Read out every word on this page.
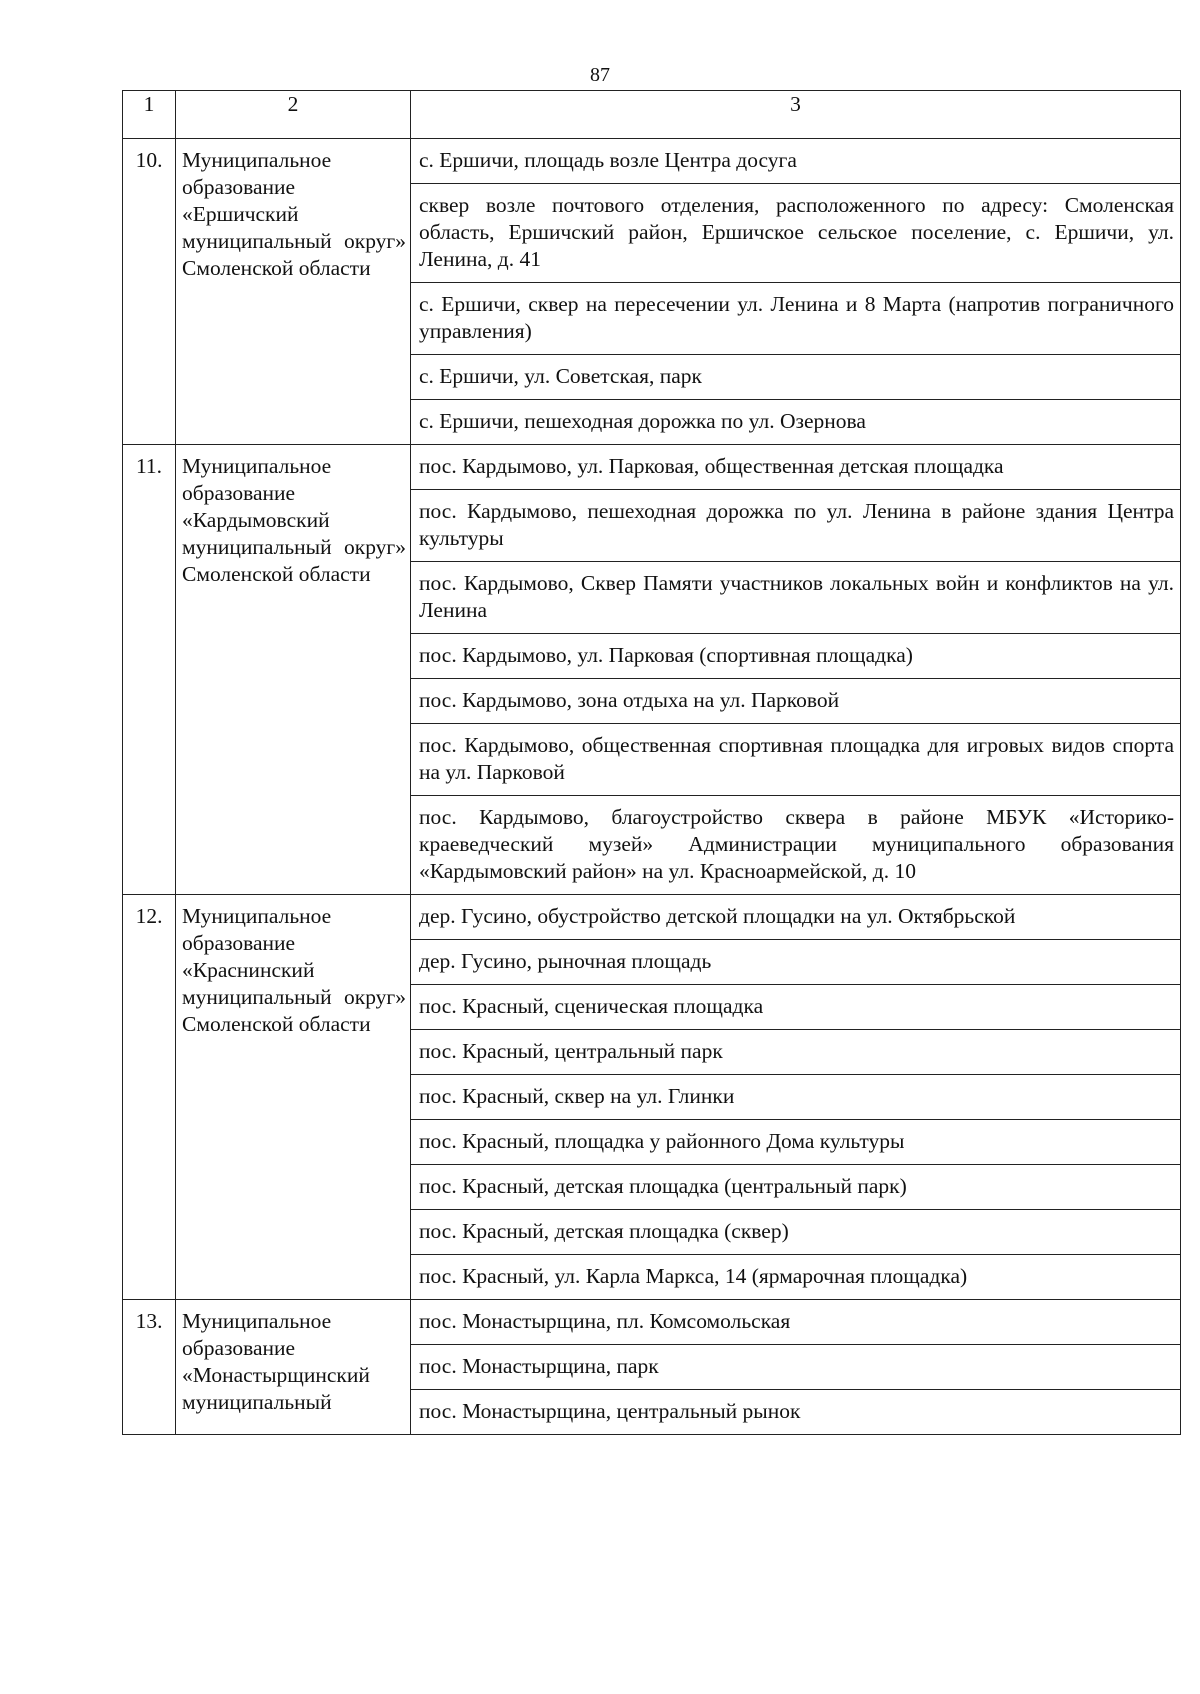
87
1	2	3
10.	Муниципальное образование «Ершичский муниципальный округ» Смоленской области	с. Ершичи, площадь возле Центра досуга
		сквер возле почтового отделения, расположенного по адресу: Смоленская область, Ершичский район, Ершичское сельское поселение, с. Ершичи, ул. Ленина, д. 41
		с. Ершичи, сквер на пересечении ул. Ленина и 8 Марта (напротив пограничного управления)
		с. Ершичи, ул. Советская, парк
		с. Ершичи, пешеходная дорожка по ул. Озернова
11.	Муниципальное образование «Кардымовский муниципальный округ» Смоленской области	пос. Кардымово, ул. Парковая, общественная детская площадка
		пос. Кардымово, пешеходная дорожка по ул. Ленина в районе здания Центра культуры
		пос. Кардымово, Сквер Памяти участников локальных войн и конфликтов на ул. Ленина
		пос. Кардымово, ул. Парковая (спортивная площадка)
		пос. Кардымово, зона отдыха на ул. Парковой
		пос. Кардымово, общественная спортивная площадка для игровых видов спорта на ул. Парковой
		пос. Кардымово, благоустройство сквера в районе МБУК «Историко-краеведческий музей» Администрации муниципального образования «Кардымовский район» на ул. Красноармейской, д. 10
12.	Муниципальное образование «Краснинский муниципальный округ» Смоленской области	дер. Гусино, обустройство детской площадки на ул. Октябрьской
		дер. Гусино, рыночная площадь
		пос. Красный, сценическая площадка
		пос. Красный, центральный парк
		пос. Красный, сквер на ул. Глинки
		пос. Красный, площадка у районного Дома культуры
		пос. Красный, детская площадка (центральный парк)
		пос. Красный, детская площадка (сквер)
		пос. Красный, ул. Карла Маркса, 14 (ярмарочная площадка)
13.	Муниципальное образование «Монастырщинский муниципальный	пос. Монастырщина, пл. Комсомольская
		пос. Монастырщина, парк
		пос. Монастырщина, центральный рынок
